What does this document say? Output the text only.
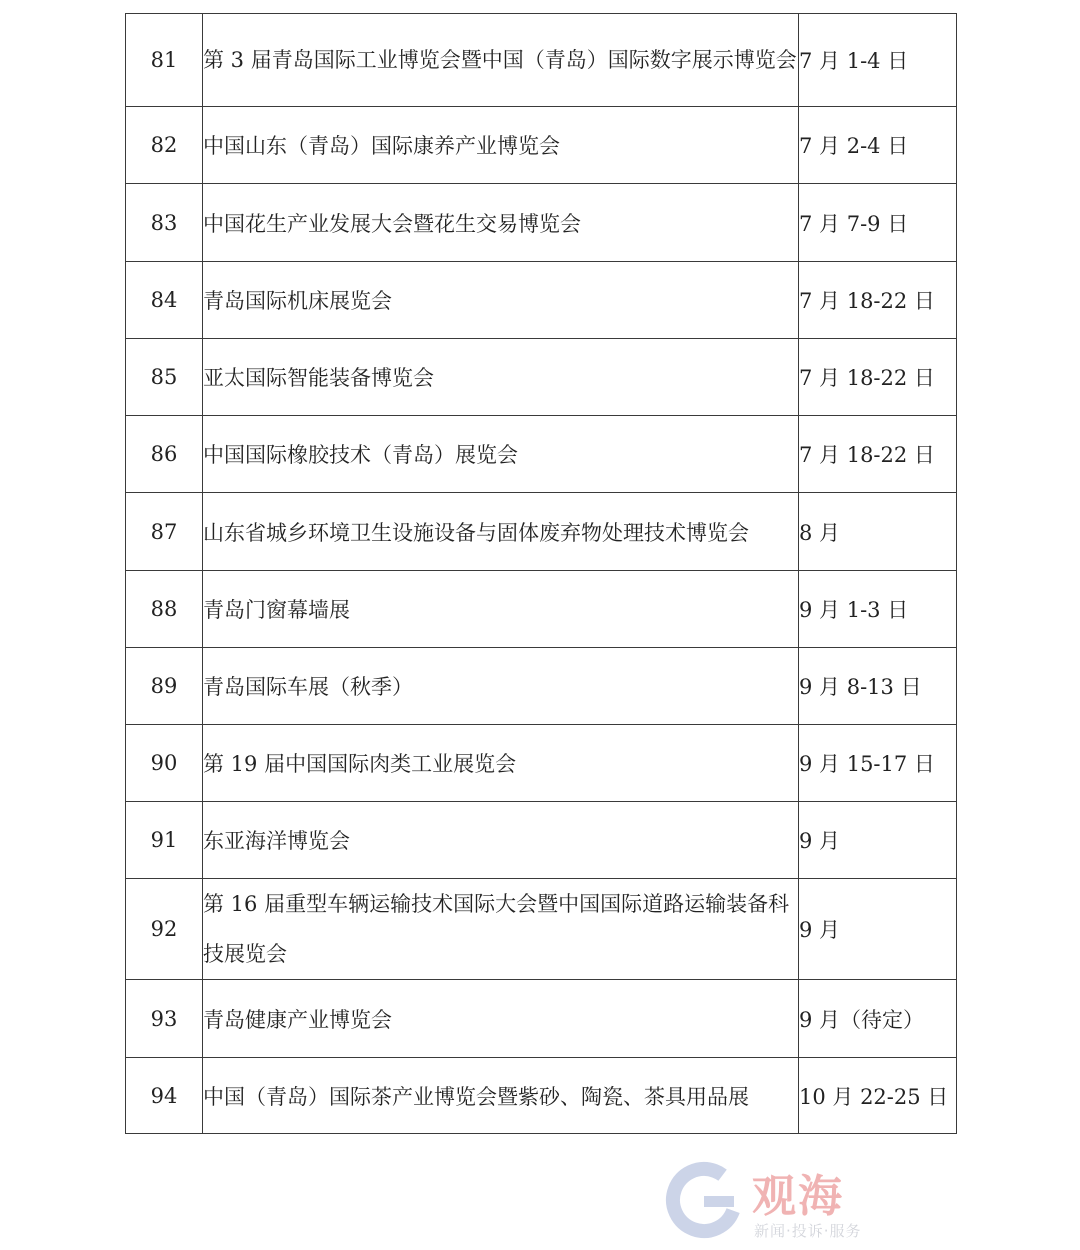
81	第 3 届青岛国际工业博览会暨中国（青岛）国际数字展示博览会	7 月 1-4 日
82	中国山东（青岛）国际康养产业博览会	7 月 2-4 日
83	中国花生产业发展大会暨花生交易博览会	7 月 7-9 日
84	青岛国际机床展览会	7 月 18-22 日
85	亚太国际智能装备博览会	7 月 18-22 日
86	中国国际橡胶技术（青岛）展览会	7 月 18-22 日
87	山东省城乡环境卫生设施设备与固体废弃物处理技术博览会	8 月
88	青岛门窗幕墙展	9 月 1-3 日
89	青岛国际车展（秋季）	9 月 8-13 日
90	第 19 届中国国际肉类工业展览会	9 月 15-17 日
91	东亚海洋博览会	9 月
92	第 16 届重型车辆运输技术国际大会暨中国国际道路运输装备科技展览会	9 月
93	青岛健康产业博览会	9 月（待定）
94	中国（青岛）国际茶产业博览会暨紫砂、陶瓷、茶具用品展	10 月 22-25 日
观海
新闻·投诉·服务
